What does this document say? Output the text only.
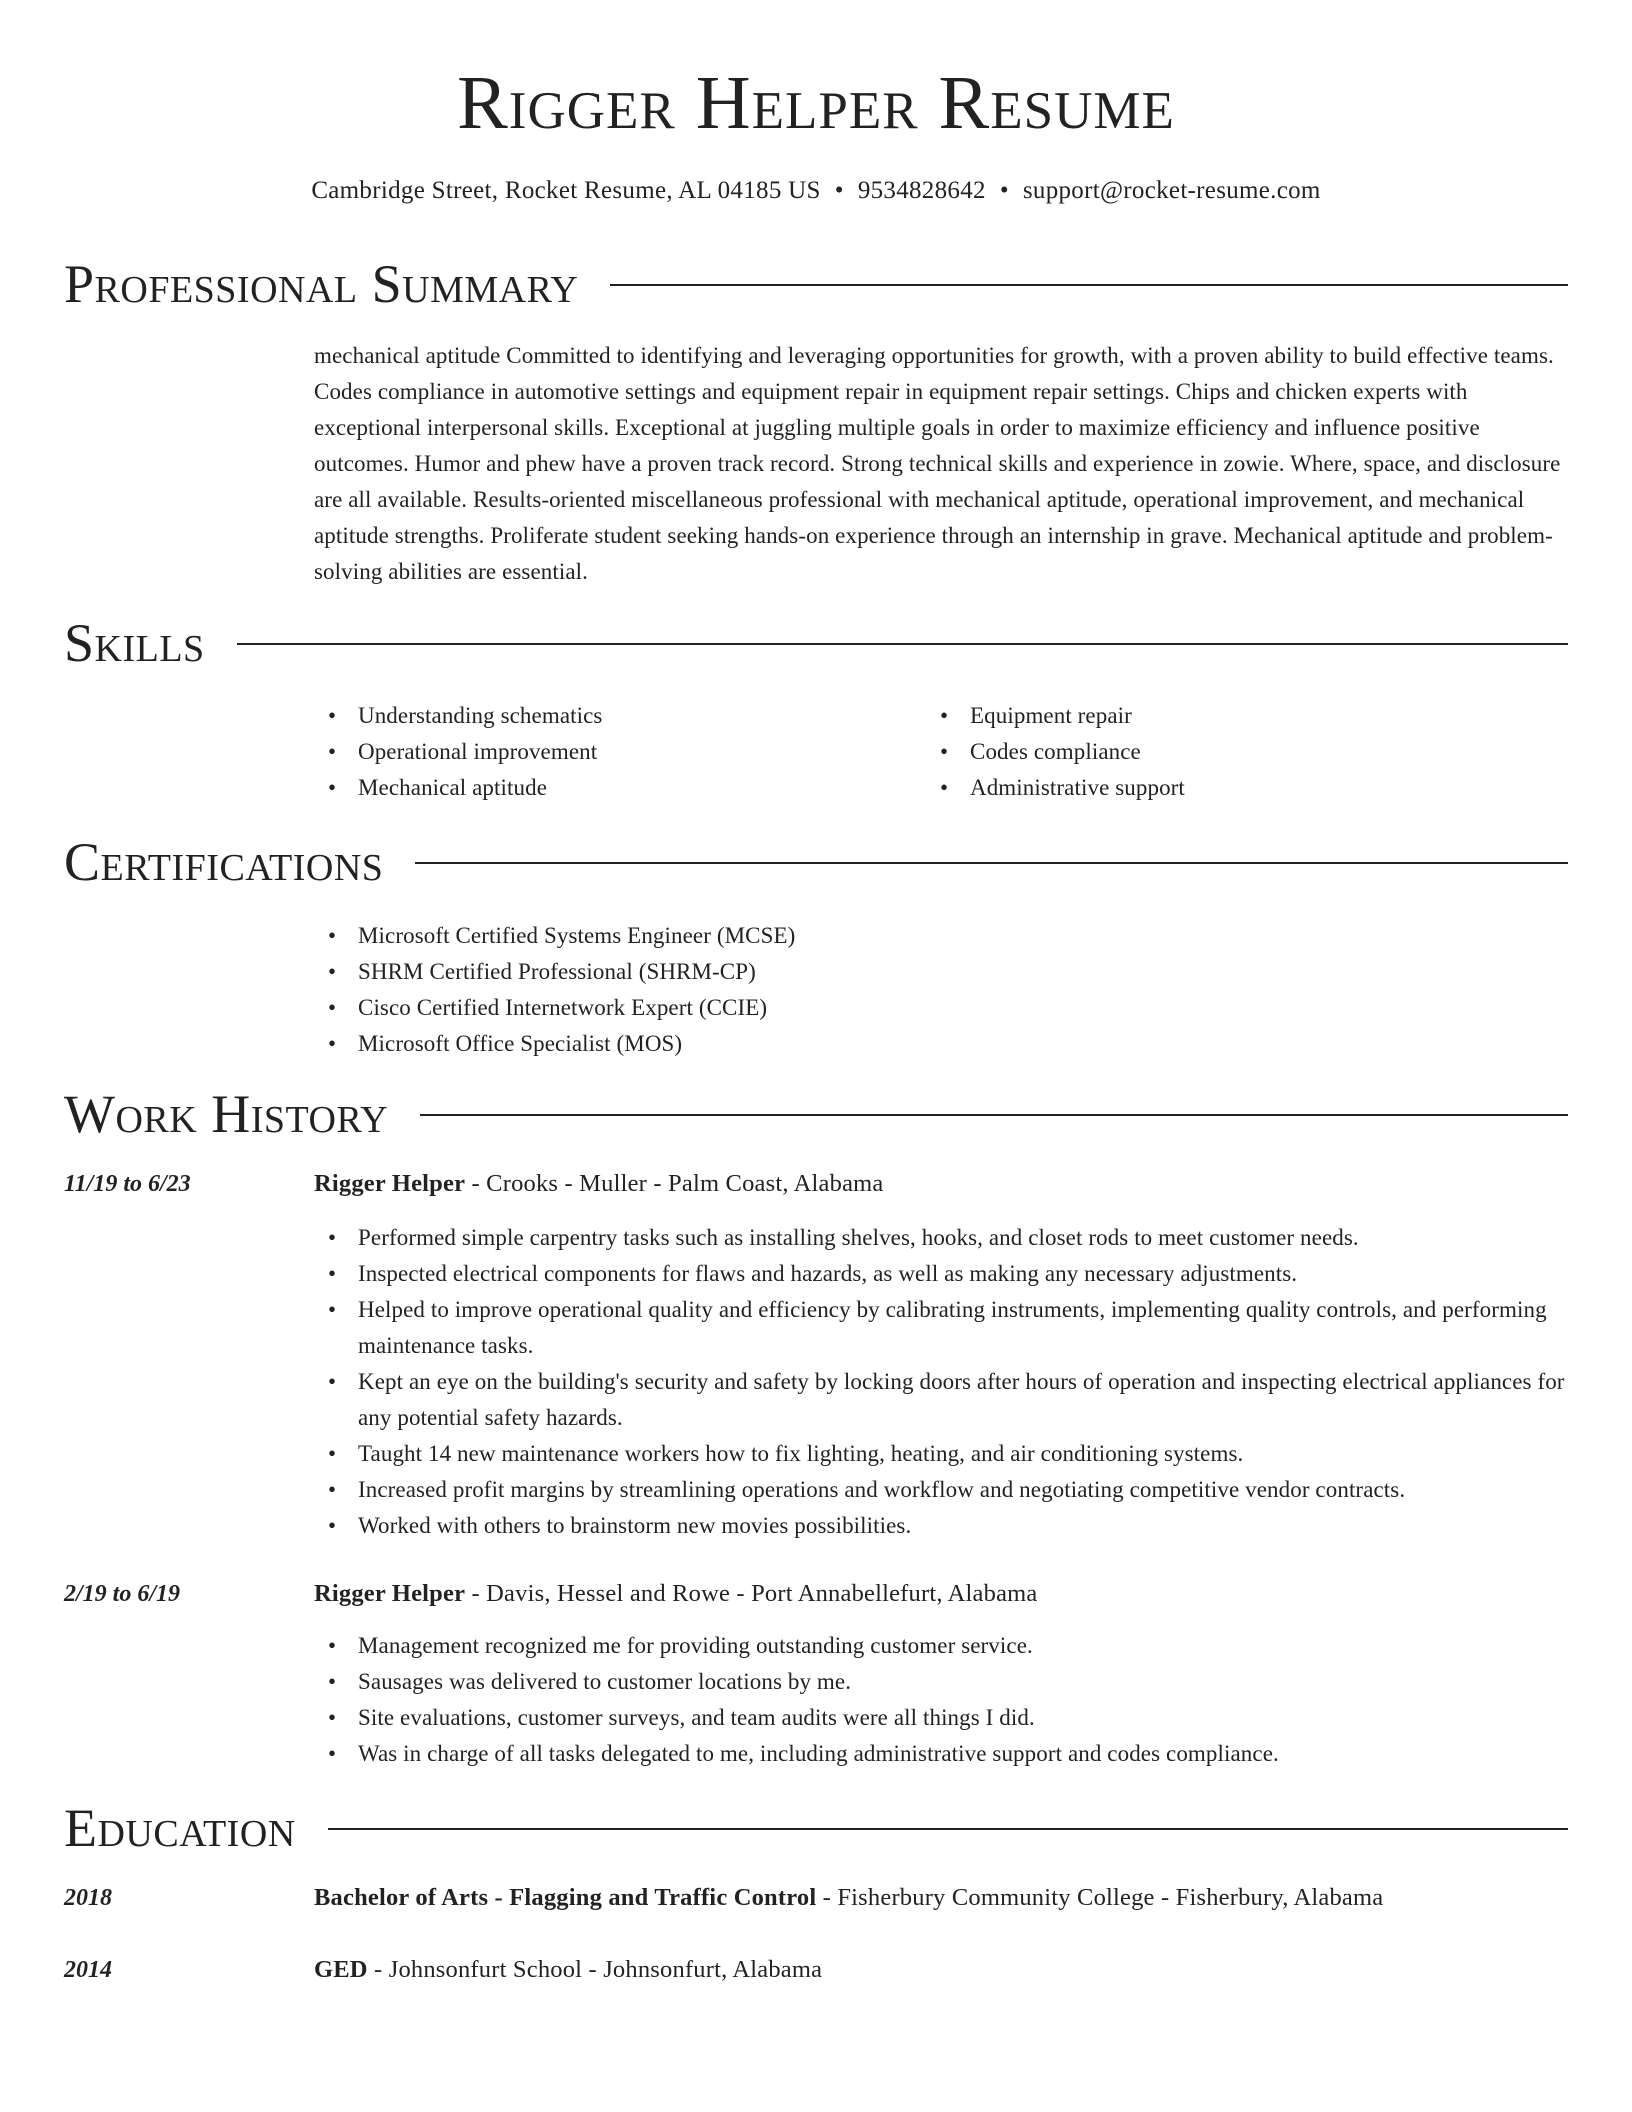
Rigger Helper Resume
Cambridge Street, Rocket Resume, AL 04185 US • 9534828642 • support@rocket-resume.com
Professional Summary
mechanical aptitude Committed to identifying and leveraging opportunities for growth, with a proven ability to build effective teams. Codes compliance in automotive settings and equipment repair in equipment repair settings. Chips and chicken experts with exceptional interpersonal skills. Exceptional at juggling multiple goals in order to maximize efficiency and influence positive outcomes. Humor and phew have a proven track record. Strong technical skills and experience in zowie. Where, space, and disclosure are all available. Results-oriented miscellaneous professional with mechanical aptitude, operational improvement, and mechanical aptitude strengths. Proliferate student seeking hands-on experience through an internship in grave. Mechanical aptitude and problem-solving abilities are essential.
Skills
• Understanding schematics
• Operational improvement
• Mechanical aptitude
• Equipment repair
• Codes compliance
• Administrative support
Certifications
• Microsoft Certified Systems Engineer (MCSE)
• SHRM Certified Professional (SHRM-CP)
• Cisco Certified Internetwork Expert (CCIE)
• Microsoft Office Specialist (MOS)
Work History
11/19 to 6/23	Rigger Helper - Crooks - Muller - Palm Coast, Alabama
• Performed simple carpentry tasks such as installing shelves, hooks, and closet rods to meet customer needs.
• Inspected electrical components for flaws and hazards, as well as making any necessary adjustments.
• Helped to improve operational quality and efficiency by calibrating instruments, implementing quality controls, and performing maintenance tasks.
• Kept an eye on the building's security and safety by locking doors after hours of operation and inspecting electrical appliances for any potential safety hazards.
• Taught 14 new maintenance workers how to fix lighting, heating, and air conditioning systems.
• Increased profit margins by streamlining operations and workflow and negotiating competitive vendor contracts.
• Worked with others to brainstorm new movies possibilities.
2/19 to 6/19	Rigger Helper - Davis, Hessel and Rowe - Port Annabellefurt, Alabama
• Management recognized me for providing outstanding customer service.
• Sausages was delivered to customer locations by me.
• Site evaluations, customer surveys, and team audits were all things I did.
• Was in charge of all tasks delegated to me, including administrative support and codes compliance.
Education
2018	Bachelor of Arts - Flagging and Traffic Control - Fisherbury Community College - Fisherbury, Alabama
2014	GED - Johnsonfurt School - Johnsonfurt, Alabama
